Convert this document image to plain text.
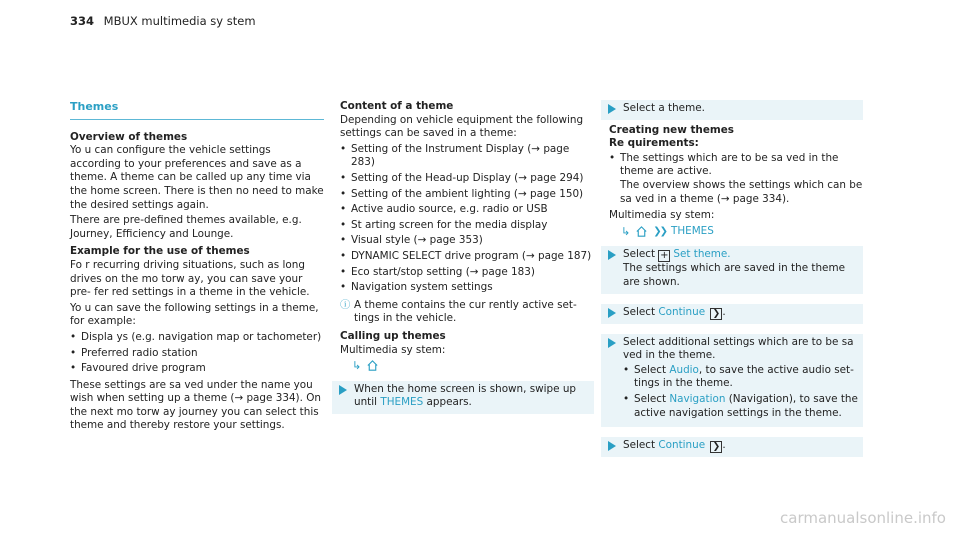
334 MBUX multimedia sy stem
Themes
Overview of themes
Yo u can configure the vehicle settings according to your preferences and save as a theme. A theme can be called up any time via the home screen. There is then no need to make the desired settings again.
There are pre-defined themes available, e.g. Journey, Efficiency and Lounge.
Example for the use of themes
Fo r recurring driving situations, such as long drives on the mo torw ay, you can save your pre‐ fer red settings in a theme in the vehicle.
Yo u can save the following settings in a theme, for example:
• Displa ys (e.g. navigation map or tachometer)
• Preferred radio station
• Favoured drive program
These settings are sa ved under the name you wish when setting up a theme (→ page 334). On the next mo torw ay journey you can select this theme and thereby restore your settings.
Content of a theme
Depending on vehicle equipment the following settings can be saved in a theme:
• Setting of the Instrument Display (→ page 283)
• Setting of the Head-up Display (→ page 294)
• Setting of the ambient lighting (→ page 150)
• Active audio source, e.g. radio or USB
• St arting screen for the media display
• Visual style (→ page 353)
• DYNAMIC SELECT drive program (→ page 187)
• Eco start/stop setting (→ page 183)
• Navigation system settings
ⓘ A theme contains the cur rently active set‐ tings in the vehicle.
Calling up themes
Multimedia sy stem:
↳
When the home screen is shown, swipe up until THEMES appears.
Select a theme.
Creating new themes
Re quirements:
• The settings which are to be sa ved in the theme are active.
The overview shows the settings which can be sa ved in a theme (→ page 334).
Multimedia sy stem:
↳ ❯❯ THEMES
Select + Set theme.
The settings which are saved in the theme are shown.
Select Continue ❯ .
Select additional settings which are to be sa ved in the theme.
• Select Audio, to save the active audio set‐ tings in the theme.
• Select Navigation (Navigation), to save the active navigation settings in the theme.
Select Continue ❯ .
carmanualsonline.info
